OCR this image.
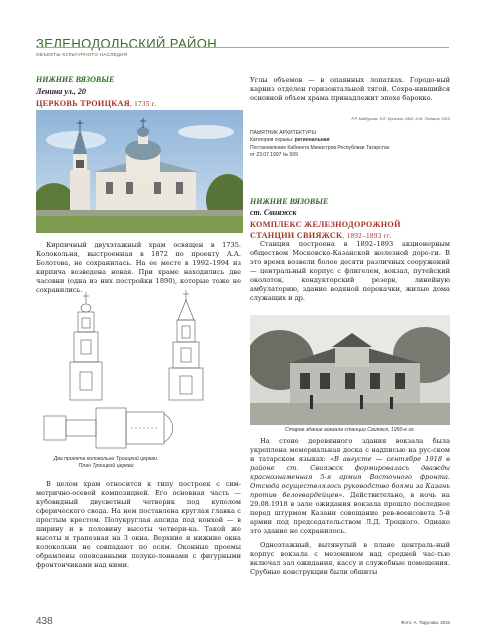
ЗЕЛЕНОДОЛЬСКИЙ РАЙОН
ОБЪЕКТЫ КУЛЬТУРНОГО НАСЛЕДИЯ
НИЖНИЕ ВЯЗОВЫЕ
Ленина ул., 20
ЦЕРКОВЬ ТРОИЦКАЯ, 1735 г.
Углы объемов — в опаянных лопатках. Городо-вый карниз отделен горизонтальной тягой. Сохра-нившийся основной объем храма принадлежит эпохе барокко.
Р.Р. Байдурова, Л.Е. Ерохина, 1992; А.Ж. Поляков, 2015
ПАМЯТНИК АРХИТЕКТУРЫ
Категория охраны: региональная
Постановление Кабинета Министров Республики Татарстан
от 23.07.1997 № 599
Кирпичный двухэтажный храм освящен в 1735. Колокольня, выстроенная в 1872 по проекту А.А. Болотова, не сохранилась. На ее месте в 1992–1994 из кирпича возведена новая. При храме находились две часовни (одна из них постройки 1890), которые тоже не сохранились.
Два проекта колокольни Троицкой церкви.
План Троицкой церкви
В целом храм относится к типу построек с сим-метрично-осевой композицией. Его основная часть — кубовидный двусветный четверик под куполом сферического свода. На нем поставлена круглая главка с простым крестом. Полукруглая апсида под конхой — в ширину и в половину высоты четвери-ка. Такой же высоты и трапезная на 3 окна. Верхние и нижние окна колокольни не совпадают по осям. Оконные проемы обрамлены опоясанными полуко-лоннами с фигурными фронтончиками над ними.
НИЖНИЕ ВЯЗОВЫЕ
ст. Свияжск
КОМПЛЕКС ЖЕЛЕЗНОДОРОЖНОЙ
СТАНЦИИ СВИЯЖСК, 1892–1893 гг.
Станция построена в 1892–1893 акционерным обществом Московско-Казанской железной доро-ги. В это время возвели более десяти различных сооружений — центральный корпус с флигелем, вокзал, путейский околоток, кондукторский резерв, линейную амбулаторию, здание водяной перекачки, жилые дома служащих и др.
Старое здание вокзала станции Свияжск, 1950-е гг.
На стене деревянного здания вокзала была укреплена мемориальная доска с надписью на рус-ском и татарском языках: «В августе — сентябре 1918 в районе ст. Свияжск формировалась дважды краснознаменная 5-я армия Восточного фронта. Отсюда осуществлялось руководство боями за Казань против белогвардейцев». Действительно, в ночь на 29.08.1918 в зале ожидания вокзала прошло последнее перед штурмом Казани совещание рев-военсовета 5-й армии под председательством Л.Д. Троцкого. Однако это здание не сохранилось.
Одноэтажный, вытянутый в плане централь-ный корпус вокзала с мезонином над средней час-тью включал зал ожидания, кассу и служебные помещения. Срубные конструкции были обшиты
438	Фото: А. Тарусова, 2016
